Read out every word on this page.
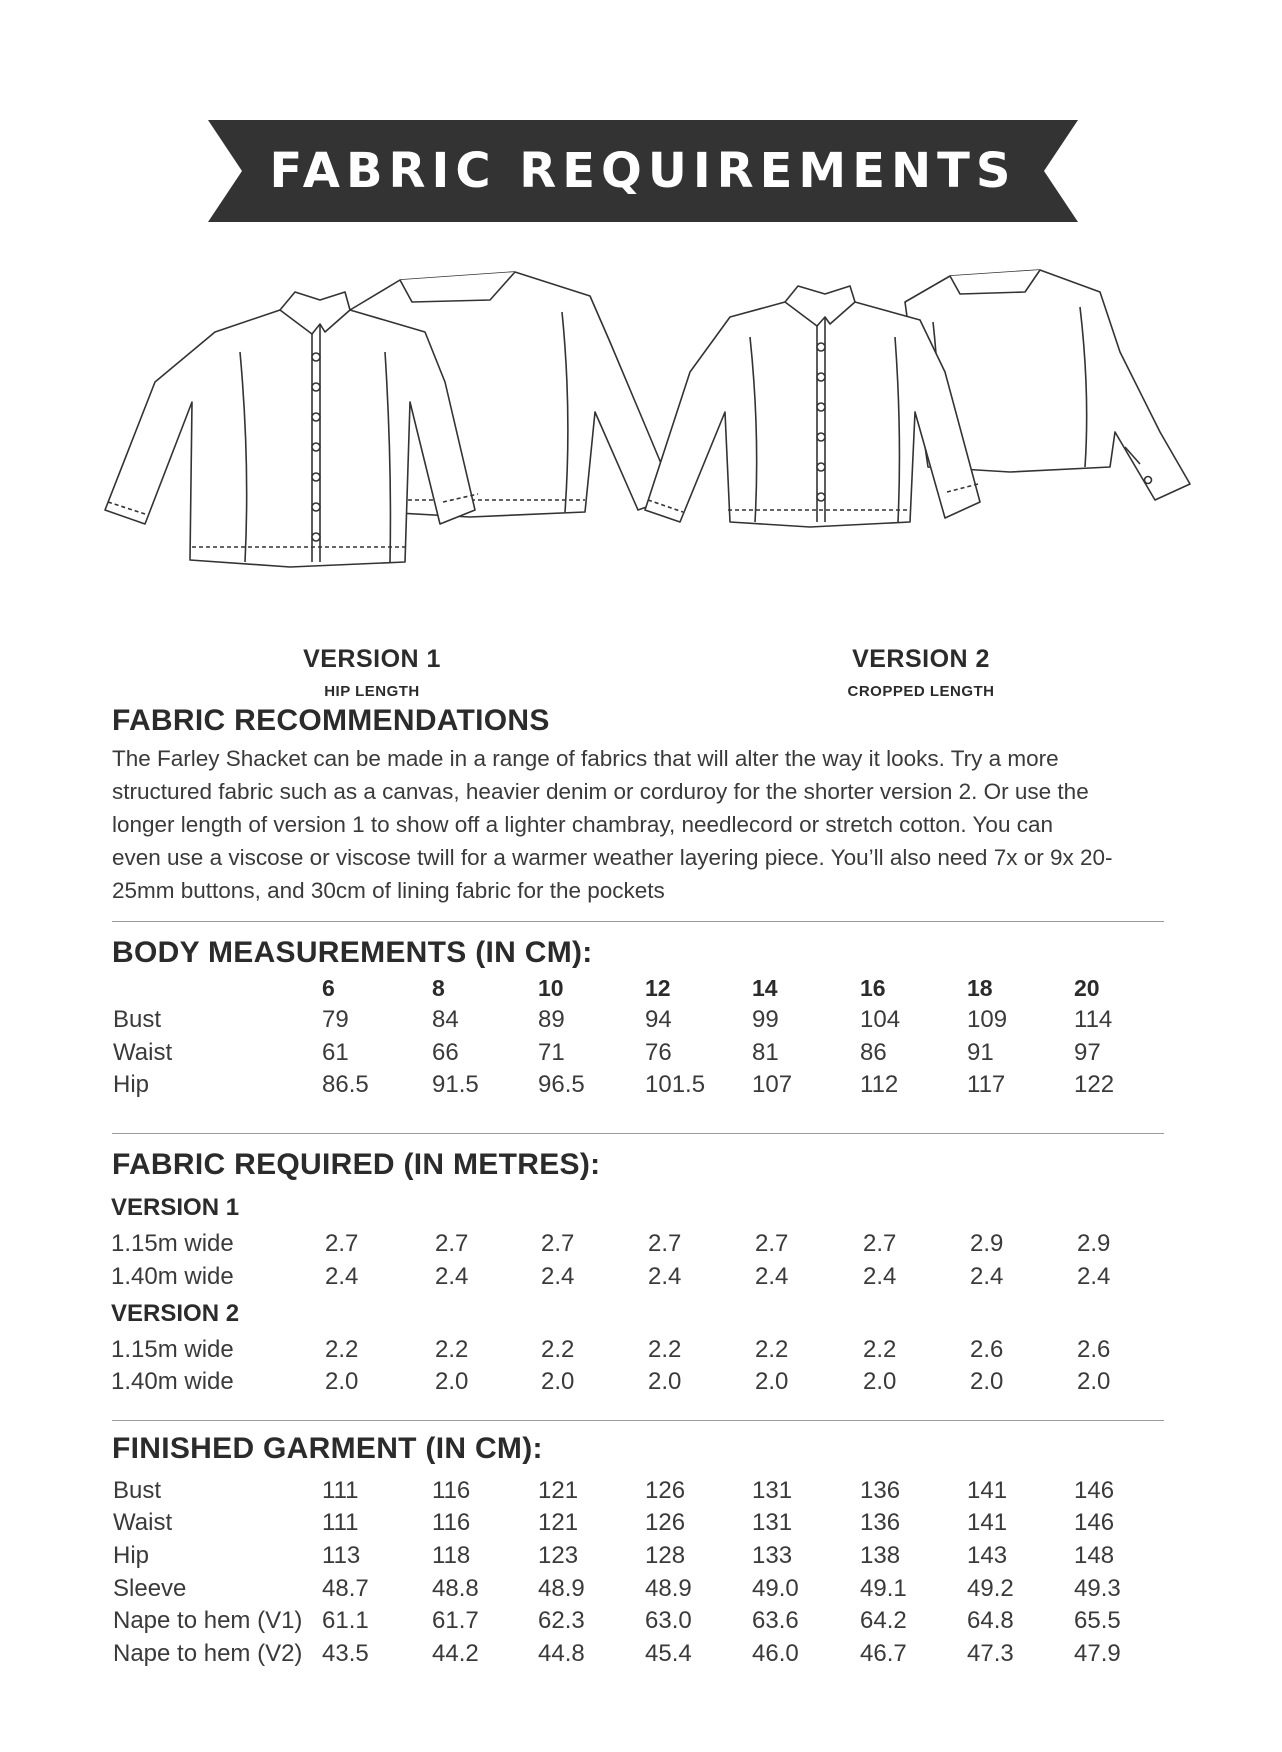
FABRIC REQUIREMENTS
VERSION 1
HIP LENGTH
VERSION 2
CROPPED LENGTH
FABRIC RECOMMENDATIONS
The Farley Shacket can be made in a range of fabrics that will alter the way it looks. Try a more
structured fabric such as a canvas, heavier denim or corduroy for the shorter version 2. Or use the
longer length of version 1 to show off a lighter chambray, needlecord or stretch cotton. You can
even use a viscose or viscose twill for a warmer weather layering piece. You’ll also need 7x or 9x 20-
25mm buttons, and 30cm of lining fabric for the pockets
BODY MEASUREMENTS (IN CM):
6	8	10	12	14	16	18	20
Bust	79	84	89	94	99	104	109	114
Waist	61	66	71	76	81	86	91	97
Hip	86.5	91.5 96.5	101.5 107	112	117	122
FABRIC REQUIRED (IN METRES):
VERSION 1
1.15m wide	2.7	2.7	2.7	2.7	2.7	2.7	2.9	2.9
1.40m wide	2.4	2.4	2.4	2.4	2.4	2.4	2.4	2.4
VERSION 2
1.15m wide	2.2	2.2	2.2	2.2	2.2	2.2	2.6	2.6
1.40m wide	2.0	2.0	2.0	2.0	2.0	2.0	2.0	2.0
FINISHED GARMENT (IN CM):
Bust	111	116	121	126	131	136	141	146
Waist	111	116	121	126	131	136	141	146
Hip	113	118	123	128	133	138	143	148
Sleeve	48.7	48.8 48.9	48.9	49.0	49.1	49.2	49.3
Nape to hem (V1) 61.1	61.7 62.3	63.0	63.6	64.2	64.8	65.5
Nape to hem (V2) 43.5	44.2 44.8	45.4	46.0	46.7	47.3	47.9
